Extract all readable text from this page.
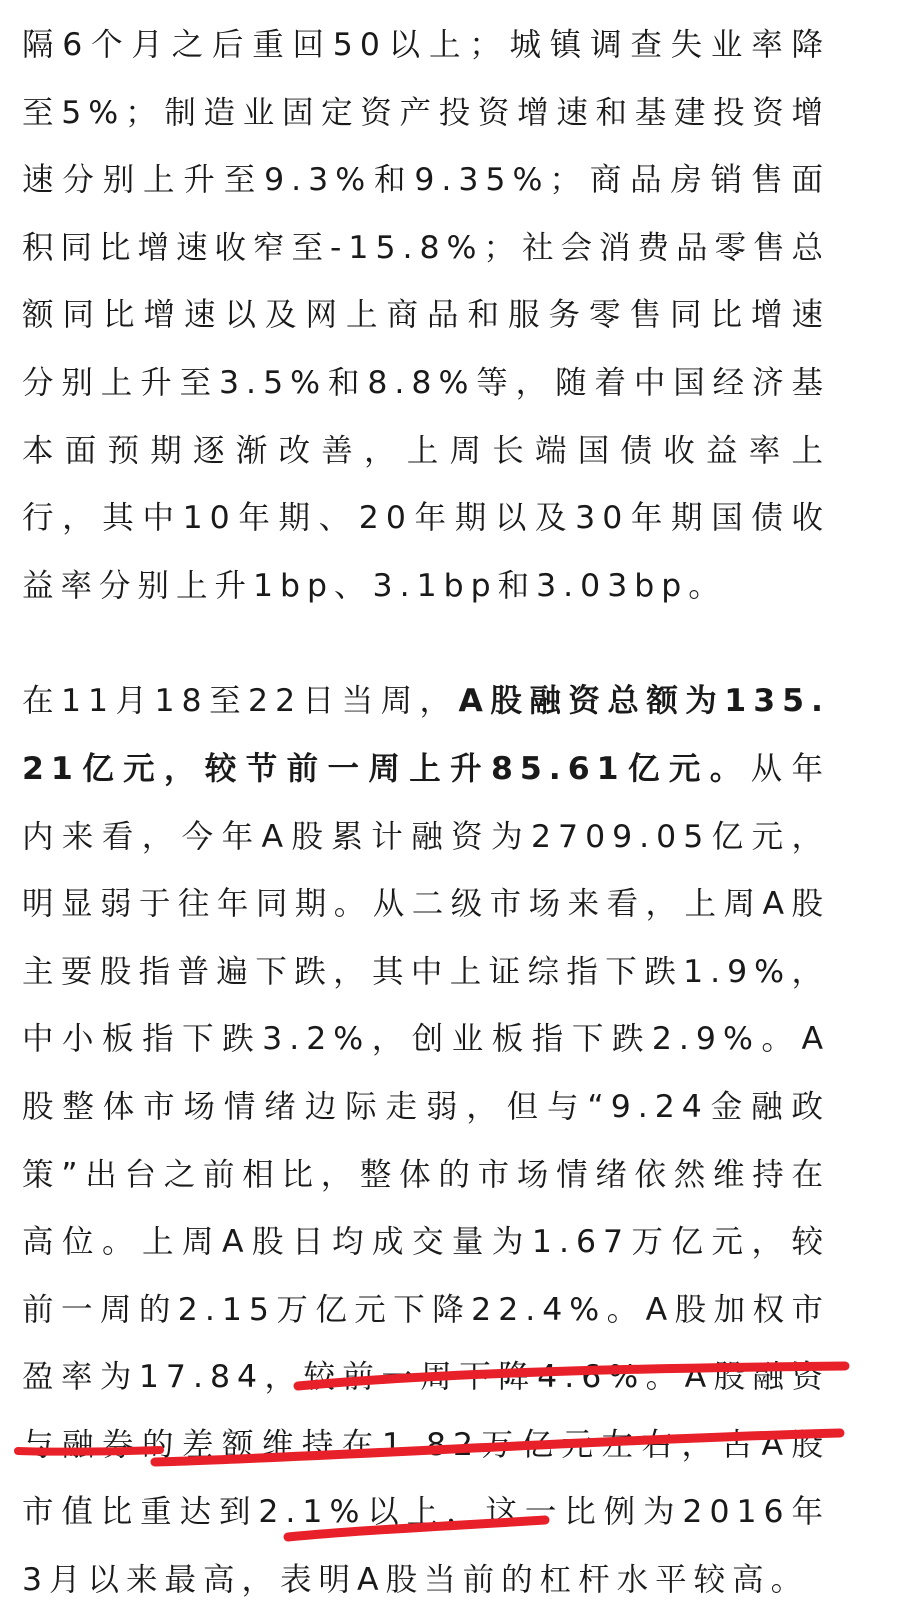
隔6个月之后重回50以上；城镇调查失业率降至5%；制造业固定资产投资增速和基建投资增速分别上升至9.3%和9.35%；商品房销售面积同比增速收窄至-15.8%；社会消费品零售总额同比增速以及网上商品和服务零售同比增速分别上升至3.5%和8.8%等，随着中国经济基本面预期逐渐改善，上周长端国债收益率上行，其中10年期、20年期以及30年期国债收益率分别上升1bp、3.1bp和3.03bp。

在11月18至22日当周，A股融资总额为135.21亿元，较节前一周上升85.61亿元。从年内来看，今年A股累计融资为2709.05亿元，明显弱于往年同期。从二级市场来看，上周A股主要股指普遍下跌，其中上证综指下跌1.9%，中小板指下跌3.2%，创业板指下跌2.9%。A股整体市场情绪边际走弱，但与“9.24金融政策”出台之前相比，整体的市场情绪依然维持在高位。上周A股日均成交量为1.67万亿元，较前一周的2.15万亿元下降22.4%。A股加权市盈率为17.84，较前一周下降4.6%。A股融资与融券的差额维持在1.82万亿元左右，占A股市值比重达到2.1%以上，这一比例为2016年3月以来最高，表明A股当前的杠杆水平较高。
